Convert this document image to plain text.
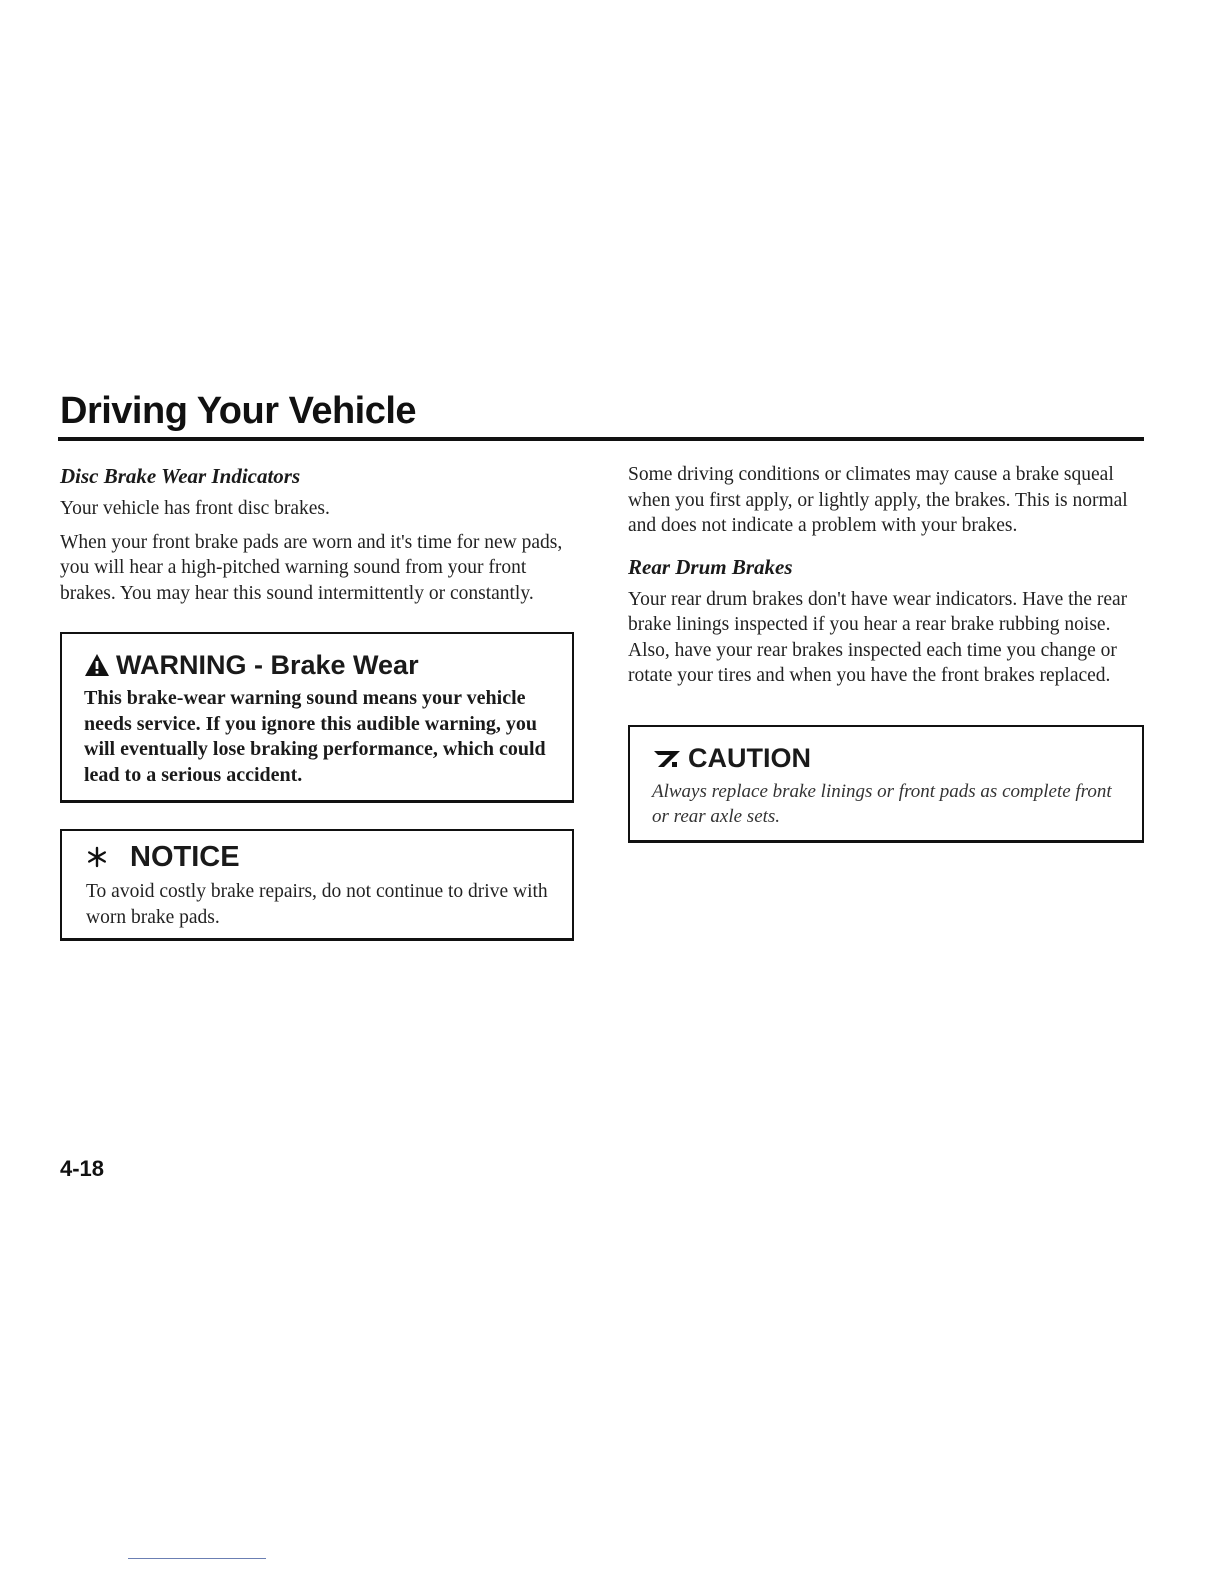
Driving Your Vehicle
Disc Brake Wear Indicators

Your vehicle has front disc brakes.

When your front brake pads are worn and it's time for new pads, you will hear a high-pitched warning sound from your front brakes. You may hear this sound intermittently or constantly.

WARNING - Brake Wear

This brake-wear warning sound means your vehicle needs service. If you ignore this audible warning, you will eventually lose braking performance, which could lead to a serious accident.

NOTICE

To avoid costly brake repairs, do not continue to drive with worn brake pads.

Some driving conditions or climates may cause a brake squeal when you first apply, or lightly apply, the brakes. This is normal and does not indicate a problem with your brakes.

Rear Drum Brakes

Your rear drum brakes don't have wear indicators. Have the rear brake linings inspected if you hear a rear brake rubbing noise. Also, have your rear brakes inspected each time you change or rotate your tires and when you have the front brakes replaced.

CAUTION

Always replace brake linings or front pads as complete front or rear axle sets.

4-18
